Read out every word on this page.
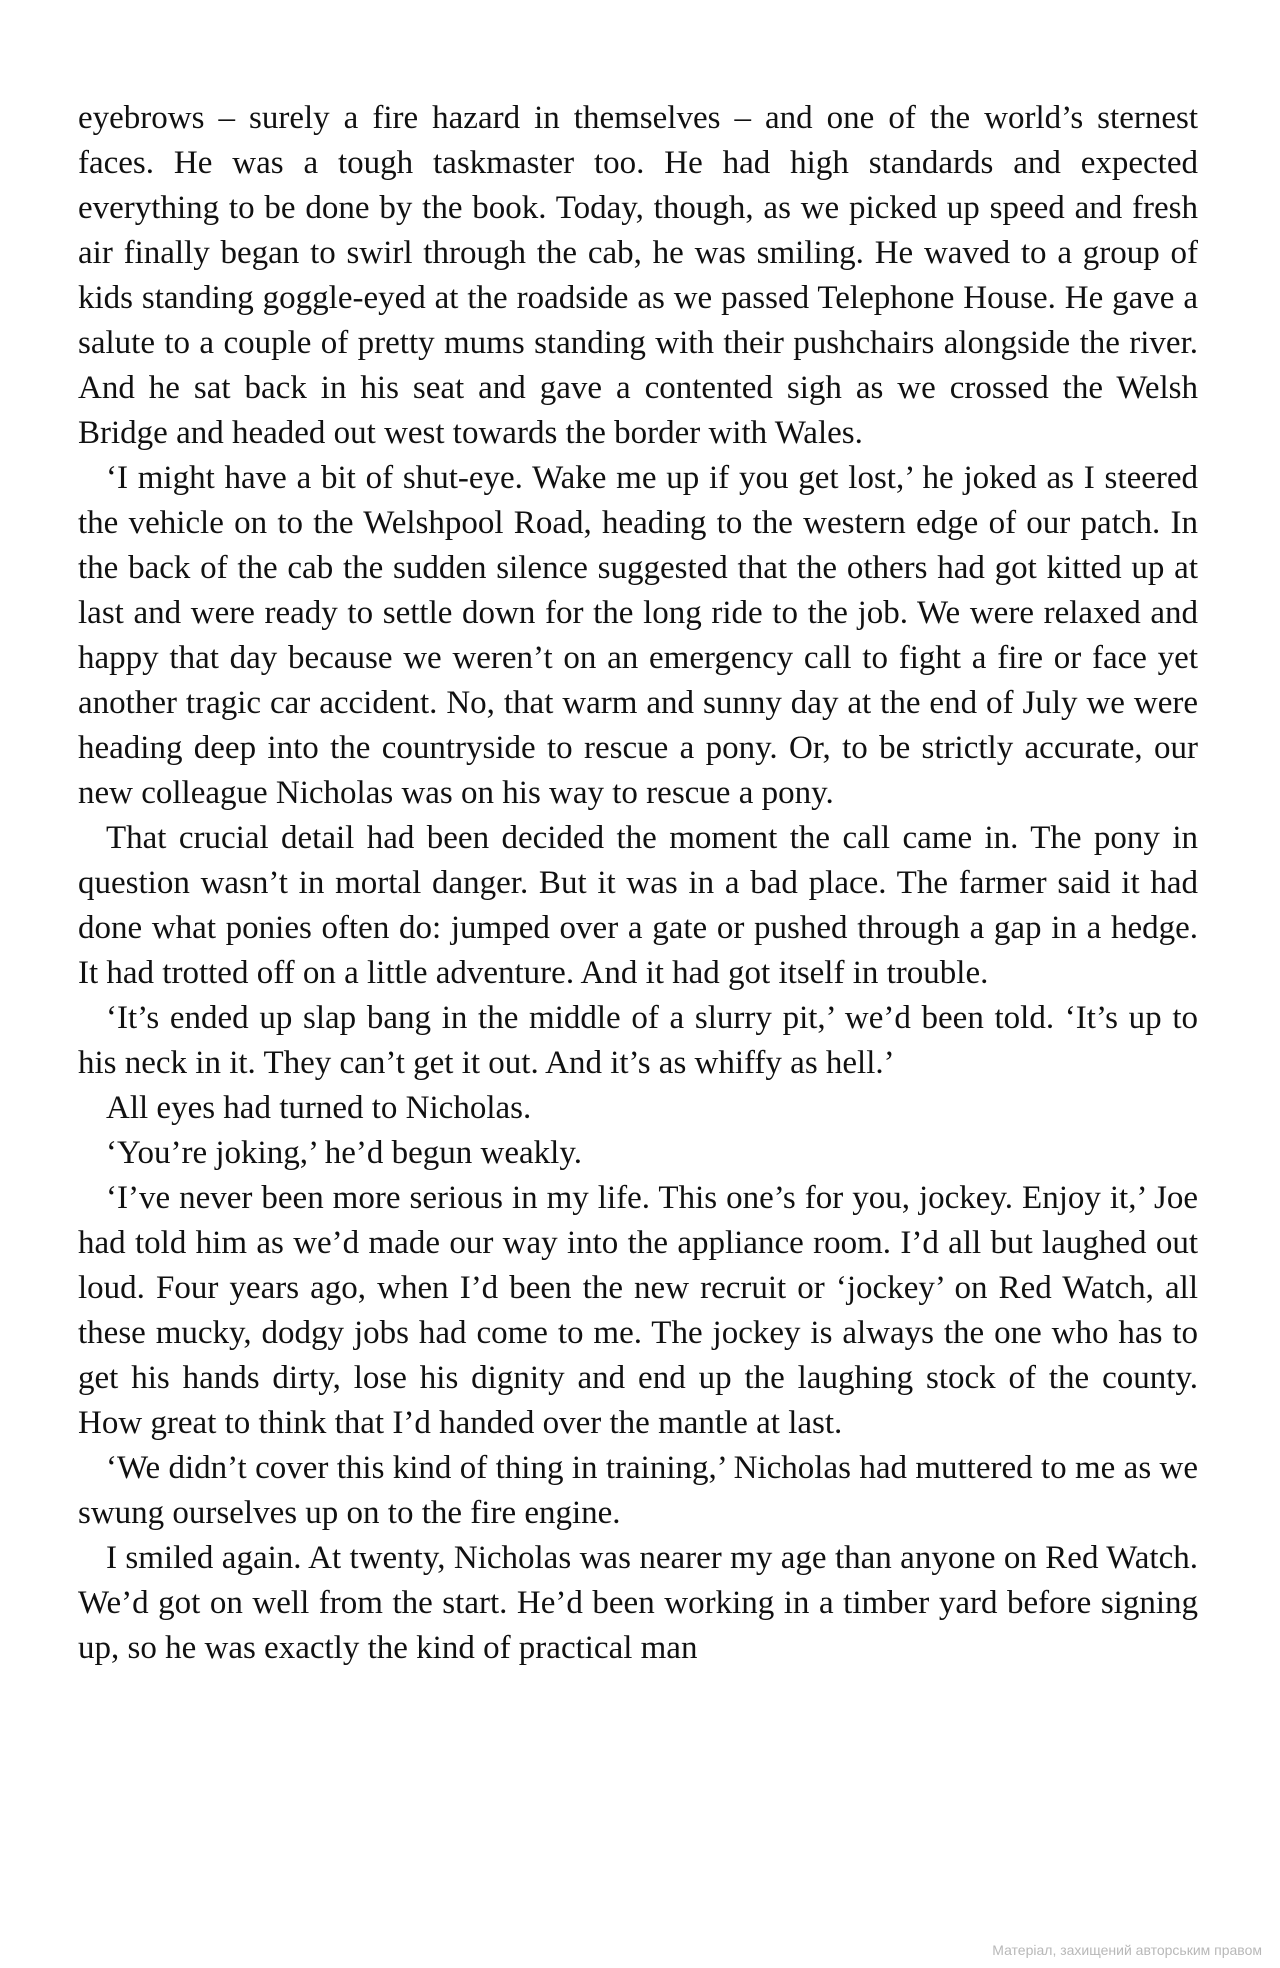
eyebrows – surely a fire hazard in themselves – and one of the world’s sternest faces. He was a tough taskmaster too. He had high standards and expected everything to be done by the book. Today, though, as we picked up speed and fresh air finally began to swirl through the cab, he was smiling. He waved to a group of kids standing goggle-eyed at the roadside as we passed Telephone House. He gave a salute to a couple of pretty mums standing with their pushchairs alongside the river. And he sat back in his seat and gave a contented sigh as we crossed the Welsh Bridge and headed out west towards the border with Wales.

‘I might have a bit of shut-eye. Wake me up if you get lost,’ he joked as I steered the vehicle on to the Welshpool Road, heading to the western edge of our patch. In the back of the cab the sudden silence suggested that the others had got kitted up at last and were ready to settle down for the long ride to the job. We were relaxed and happy that day because we weren’t on an emergency call to fight a fire or face yet another tragic car accident. No, that warm and sunny day at the end of July we were heading deep into the countryside to rescue a pony. Or, to be strictly accurate, our new colleague Nicholas was on his way to rescue a pony.

That crucial detail had been decided the moment the call came in. The pony in question wasn’t in mortal danger. But it was in a bad place. The farmer said it had done what ponies often do: jumped over a gate or pushed through a gap in a hedge. It had trotted off on a little adventure. And it had got itself in trouble.

‘It’s ended up slap bang in the middle of a slurry pit,’ we’d been told. ‘It’s up to his neck in it. They can’t get it out. And it’s as whiffy as hell.’

All eyes had turned to Nicholas.

‘You’re joking,’ he’d begun weakly.

‘I’ve never been more serious in my life. This one’s for you, jockey. Enjoy it,’ Joe had told him as we’d made our way into the appliance room. I’d all but laughed out loud. Four years ago, when I’d been the new recruit or ‘jockey’ on Red Watch, all these mucky, dodgy jobs had come to me. The jockey is always the one who has to get his hands dirty, lose his dignity and end up the laughing stock of the county. How great to think that I’d handed over the mantle at last.

‘We didn’t cover this kind of thing in training,’ Nicholas had muttered to me as we swung ourselves up on to the fire engine.

I smiled again. At twenty, Nicholas was nearer my age than anyone on Red Watch. We’d got on well from the start. He’d been working in a timber yard before signing up, so he was exactly the kind of practical man

Матеріал, захищений авторським правом
